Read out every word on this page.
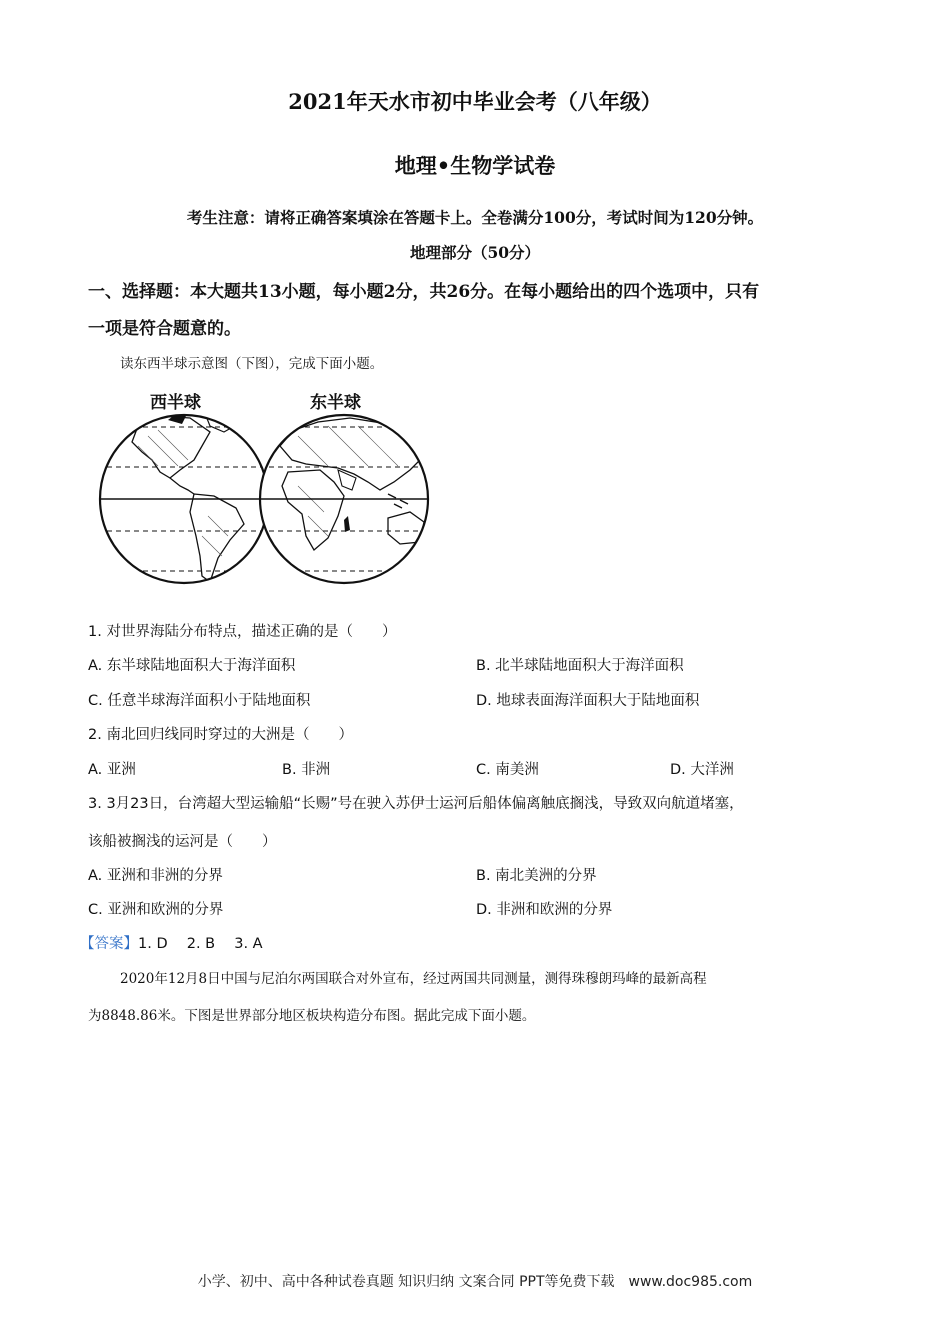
2021年天水市初中毕业会考（八年级）
地理•生物学试卷
考生注意：请将正确答案填涂在答题卡上。全卷满分100分，考试时间为120分钟。
地理部分（50分）
一、选择题：本大题共13小题，每小题2分，共26分。在每小题给出的四个选项中，只有
一项是符合题意的。
读东西半球示意图（下图），完成下面小题。
西半球	东半球
1. 对世界海陆分布特点，描述正确的是（　　）
A. 东半球陆地面积大于海洋面积	B. 北半球陆地面积大于海洋面积
C. 任意半球海洋面积小于陆地面积	D. 地球表面海洋面积大于陆地面积
2. 南北回归线同时穿过的大洲是（　　）
A. 亚洲	B. 非洲	C. 南美洲	D. 大洋洲
3. 3月23日，台湾超大型运输船“长赐”号在驶入苏伊士运河后船体偏离触底搁浅，导致双向航道堵塞，
该船被搁浅的运河是（　　）
A. 亚洲和非洲的分界	B. 南北美洲的分界
C. 亚洲和欧洲的分界	D. 非洲和欧洲的分界
【答案】1. D　 2. B　 3. A
2020年12月8日中国与尼泊尔两国联合对外宣布，经过两国共同测量，测得珠穆朗玛峰的最新高程
为8848.86米。下图是世界部分地区板块构造分布图。据此完成下面小题。
小学、初中、高中各种试卷真题 知识归纳 文案合同 PPT等免费下载　www.doc985.com
